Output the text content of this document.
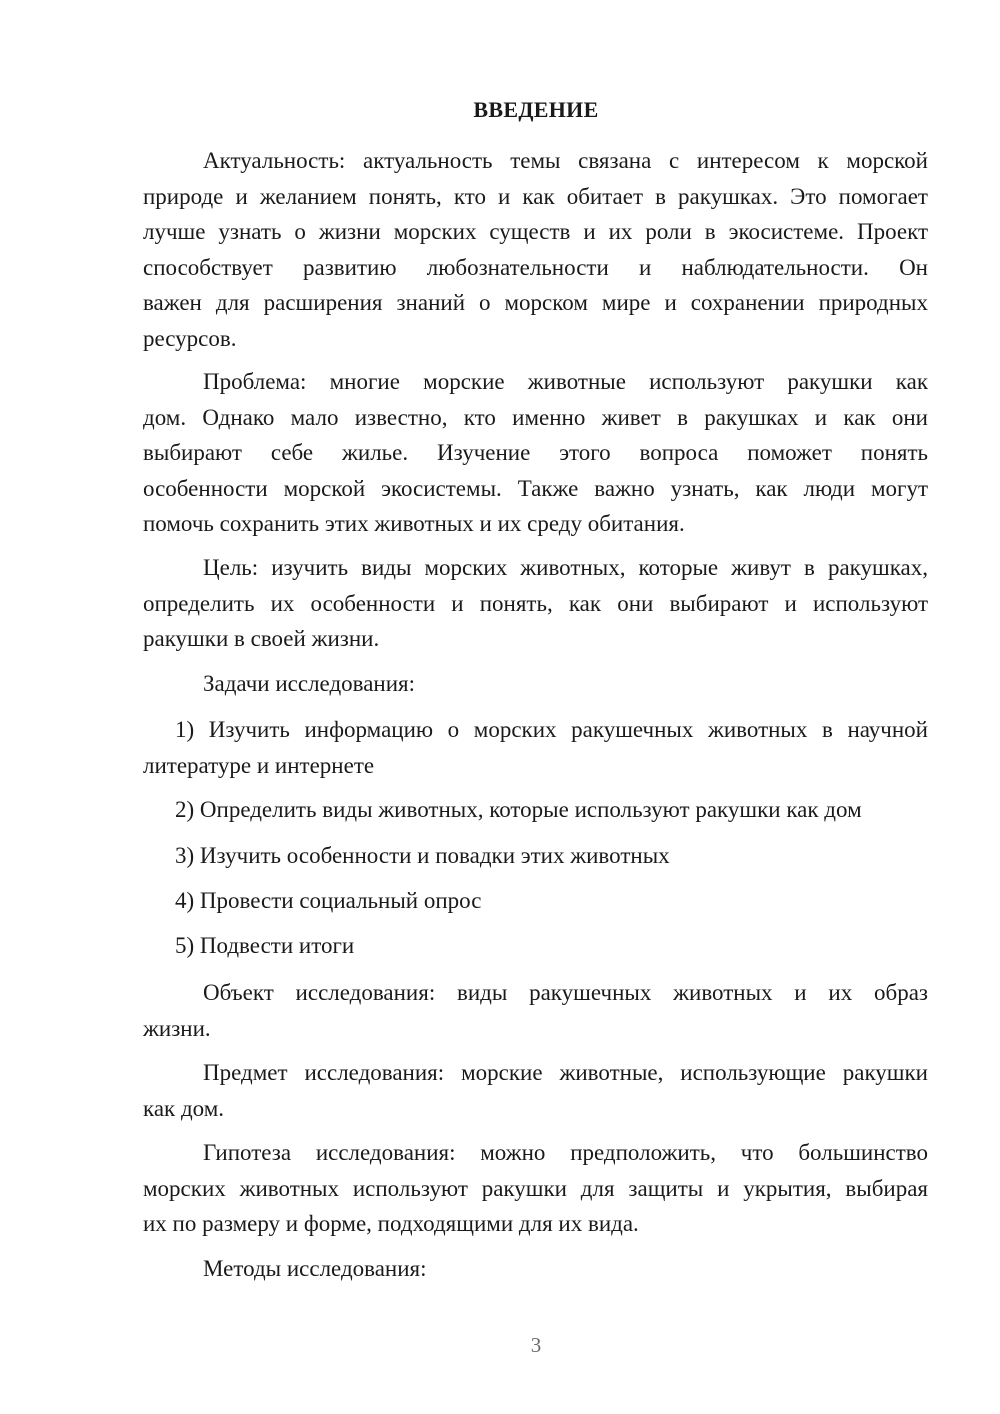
ВВЕДЕНИЕ

Актуальность: актуальность темы связана с интересом к морской
природе и желанием понять, кто и как обитает в ракушках. Это помогает
лучше узнать о жизни морских существ и их роли в экосистеме. Проект
способствует развитию любознательности и наблюдательности. Он
важен для расширения знаний о морском мире и сохранении природных
ресурсов.

Проблема: многие морские животные используют ракушки как
дом. Однако мало известно, кто именно живет в ракушках и как они
выбирают себе жилье. Изучение этого вопроса поможет понять
особенности морской экосистемы. Также важно узнать, как люди могут
помочь сохранить этих животных и их среду обитания.

Цель: изучить виды морских животных, которые живут в ракушках,
определить их особенности и понять, как они выбирают и используют
ракушки в своей жизни.

Задачи исследования:

1) Изучить информацию о морских ракушечных животных в научной
литературе и интернете

2) Определить виды животных, которые используют ракушки как дом

3) Изучить особенности и повадки этих животных

4) Провести социальный опрос

5) Подвести итоги

Объект исследования: виды ракушечных животных и их образ
жизни.

Предмет исследования: морские животные, использующие ракушки
как дом.

Гипотеза исследования: можно предположить, что большинство
морских животных используют ракушки для защиты и укрытия, выбирая
их по размеру и форме, подходящими для их вида.

Методы исследования:

3
